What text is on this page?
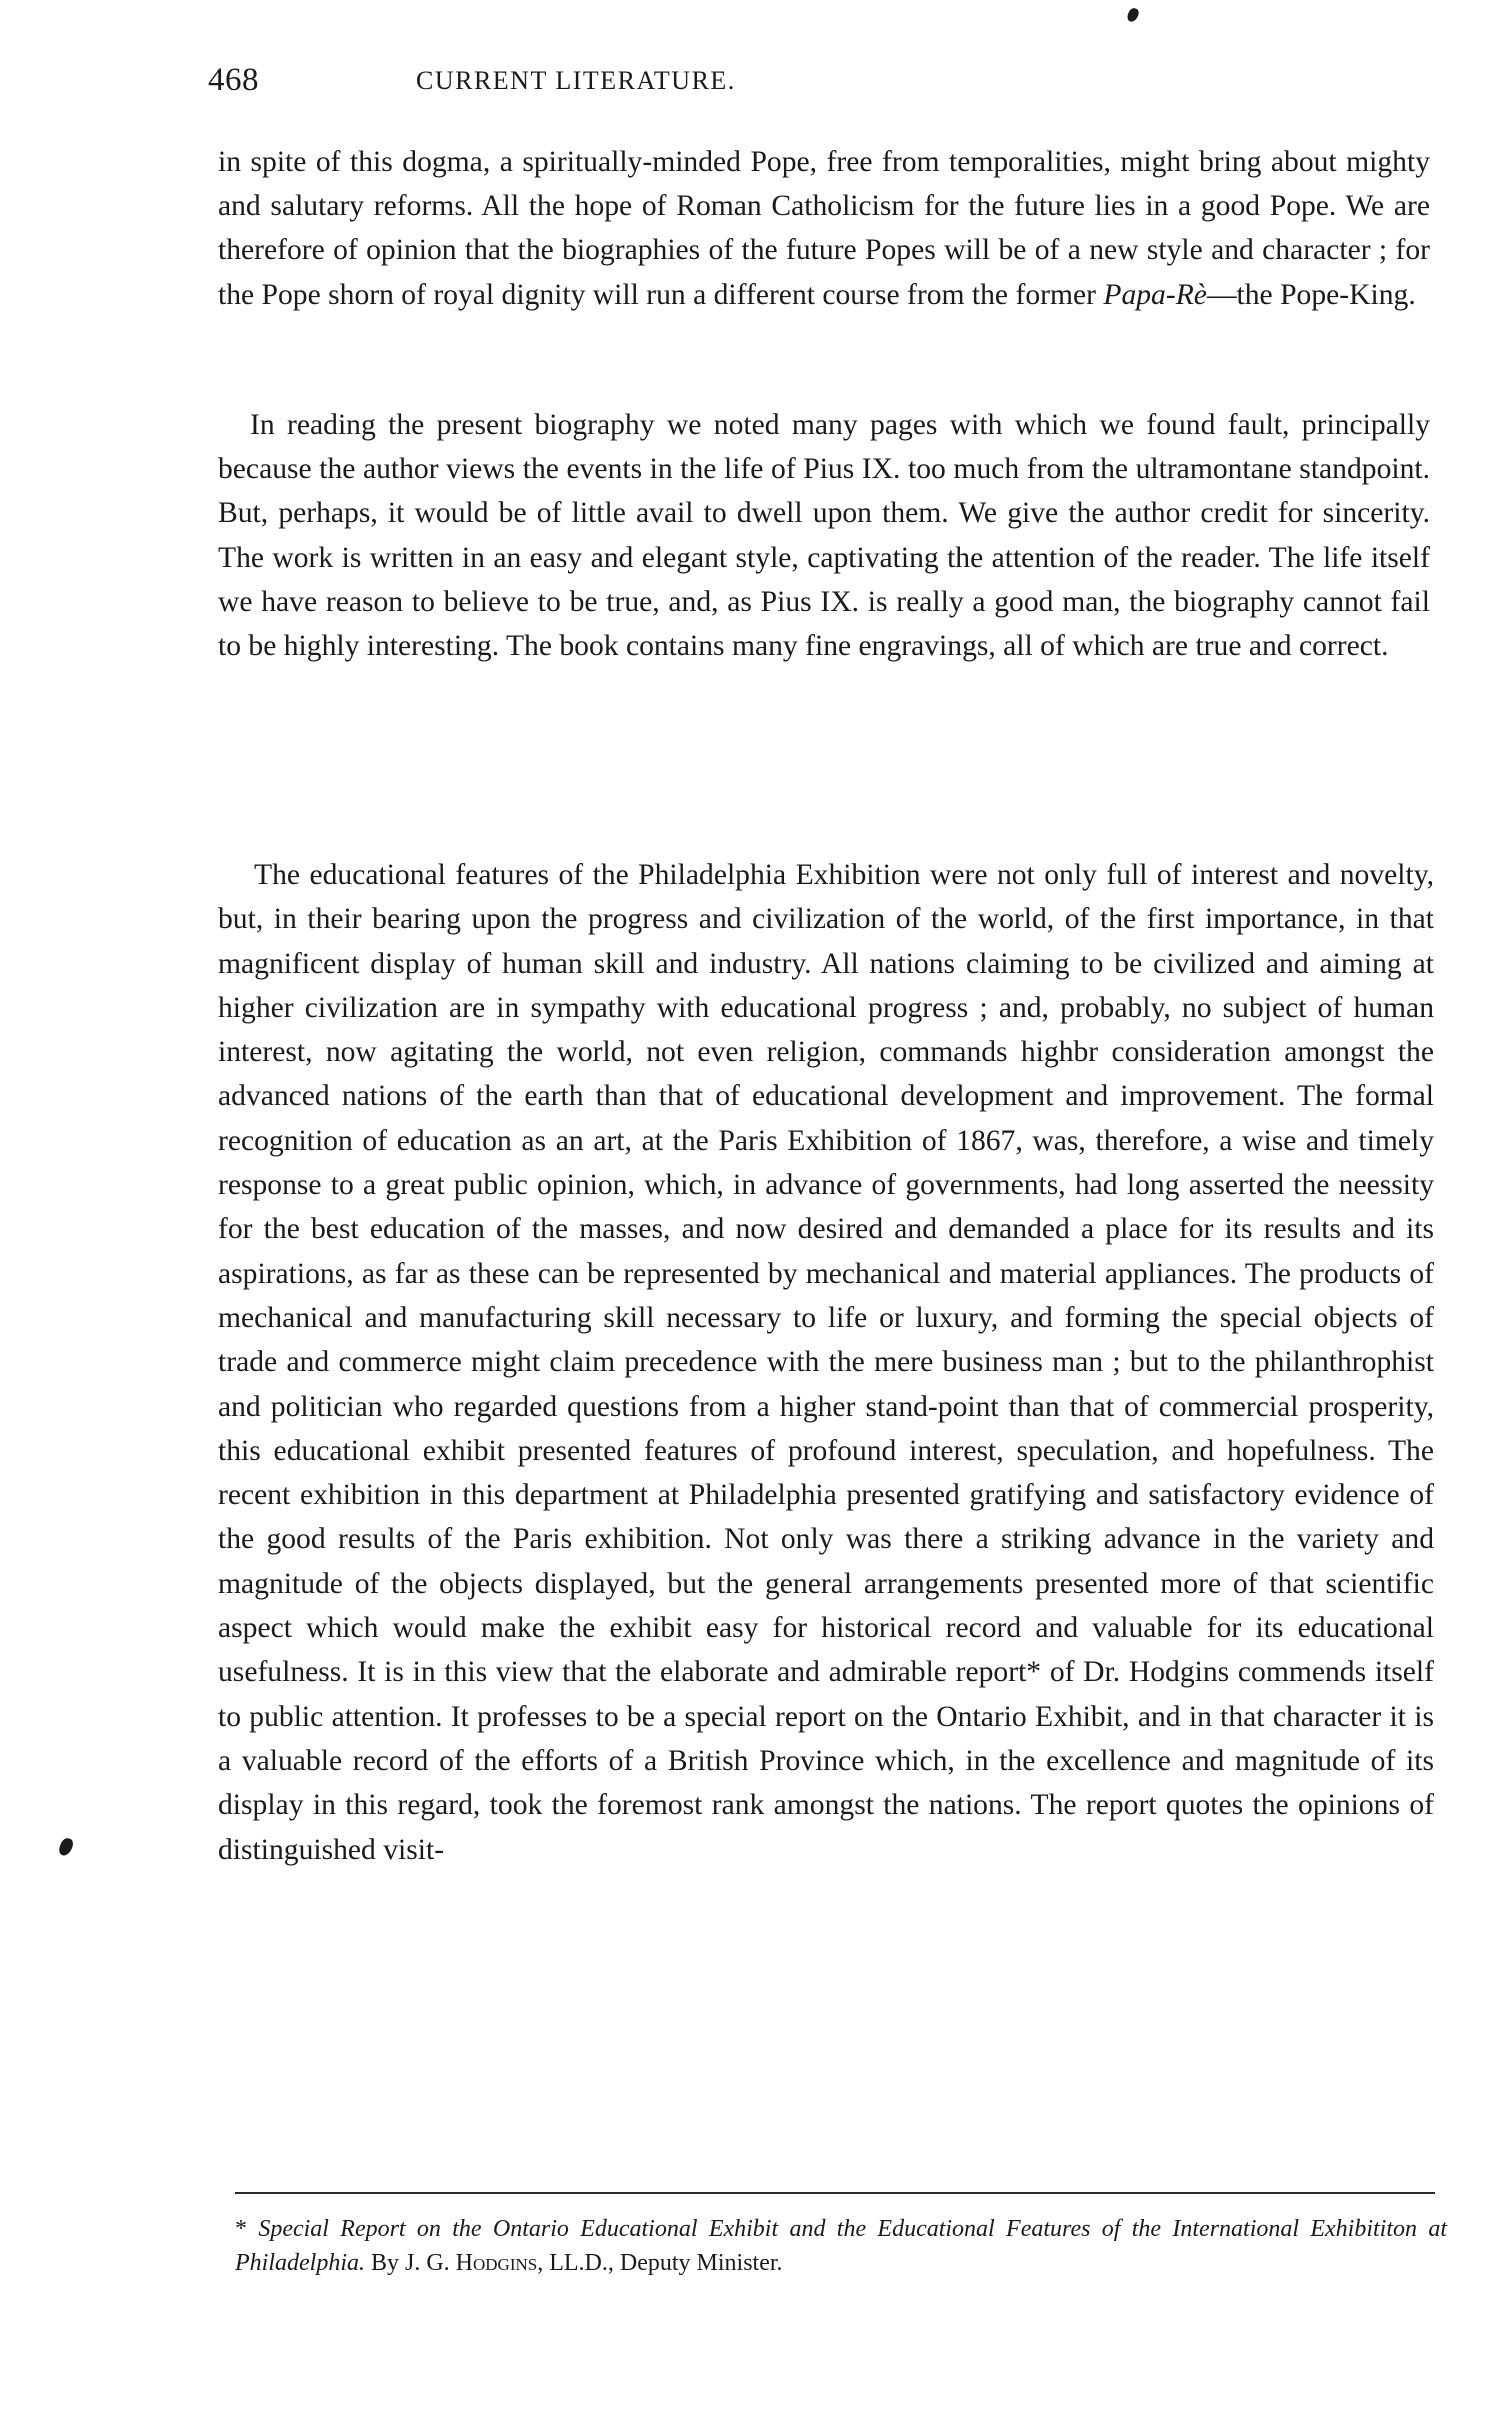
468	CURRENT LITERATURE.

in spite of this dogma, a spiritually-minded Pope, free from temporalities, might bring about mighty and salutary reforms. All the hope of Roman Catholicism for the future lies in a good Pope. We are therefore of opinion that the biographies of the future Popes will be of a new style and character ; for the Pope shorn of royal dignity will run a different course from the former Papa-Rè—the Pope-King.

In reading the present biography we noted many pages with which we found fault, principally because the author views the events in the life of Pius IX. too much from the ultramontane standpoint. But, perhaps, it would be of little avail to dwell upon them. We give the author credit for sincerity. The work is written in an easy and elegant style, captivating the attention of the reader. The life itself we have reason to believe to be true, and, as Pius IX. is really a good man, the biography cannot fail to be highly interesting. The book contains many fine engravings, all of which are true and correct.

The educational features of the Philadelphia Exhibition were not only full of interest and novelty, but, in their bearing upon the progress and civilization of the world, of the first importance, in that magnificent display of human skill and industry. All nations claiming to be civilized and aiming at higher civilization are in sympathy with educational progress ; and, probably, no subject of human interest, now agitating the world, not even religion, commands highbr consideration amongst the advanced nations of the earth than that of educational development and improvement. The formal recognition of education as an art, at the Paris Exhibition of 1867, was, therefore, a wise and timely response to a great public opinion, which, in advance of governments, had long asserted the neessity for the best education of the masses, and now desired and demanded a place for its results and its aspirations, as far as these can be represented by mechanical and material appliances. The products of mechanical and manufacturing skill necessary to life or luxury, and forming the special objects of trade and commerce might claim precedence with the mere business man ; but to the philanthrophist and politician who regarded questions from a higher stand-point than that of commercial prosperity, this educational exhibit presented features of profound interest, speculation, and hopefulness. The recent exhibition in this department at Philadelphia presented gratifying and satisfactory evidence of the good results of the Paris exhibition. Not only was there a striking advance in the variety and magnitude of the objects displayed, but the general arrangements presented more of that scientific aspect which would make the exhibit easy for historical record and valuable for its educational usefulness. It is in this view that the elaborate and admirable report* of Dr. Hodgins commends itself to public attention. It professes to be a special report on the Ontario Exhibit, and in that character it is a valuable record of the efforts of a British Province which, in the excellence and magnitude of its display in this regard, took the foremost rank amongst the nations. The report quotes the opinions of distinguished visit-

* Special Report on the Ontario Educational Exhibit and the Educational Features of the International Exhibititon at Philadelphia. By J. G. Hodgins, LL.D., Deputy Minister.
